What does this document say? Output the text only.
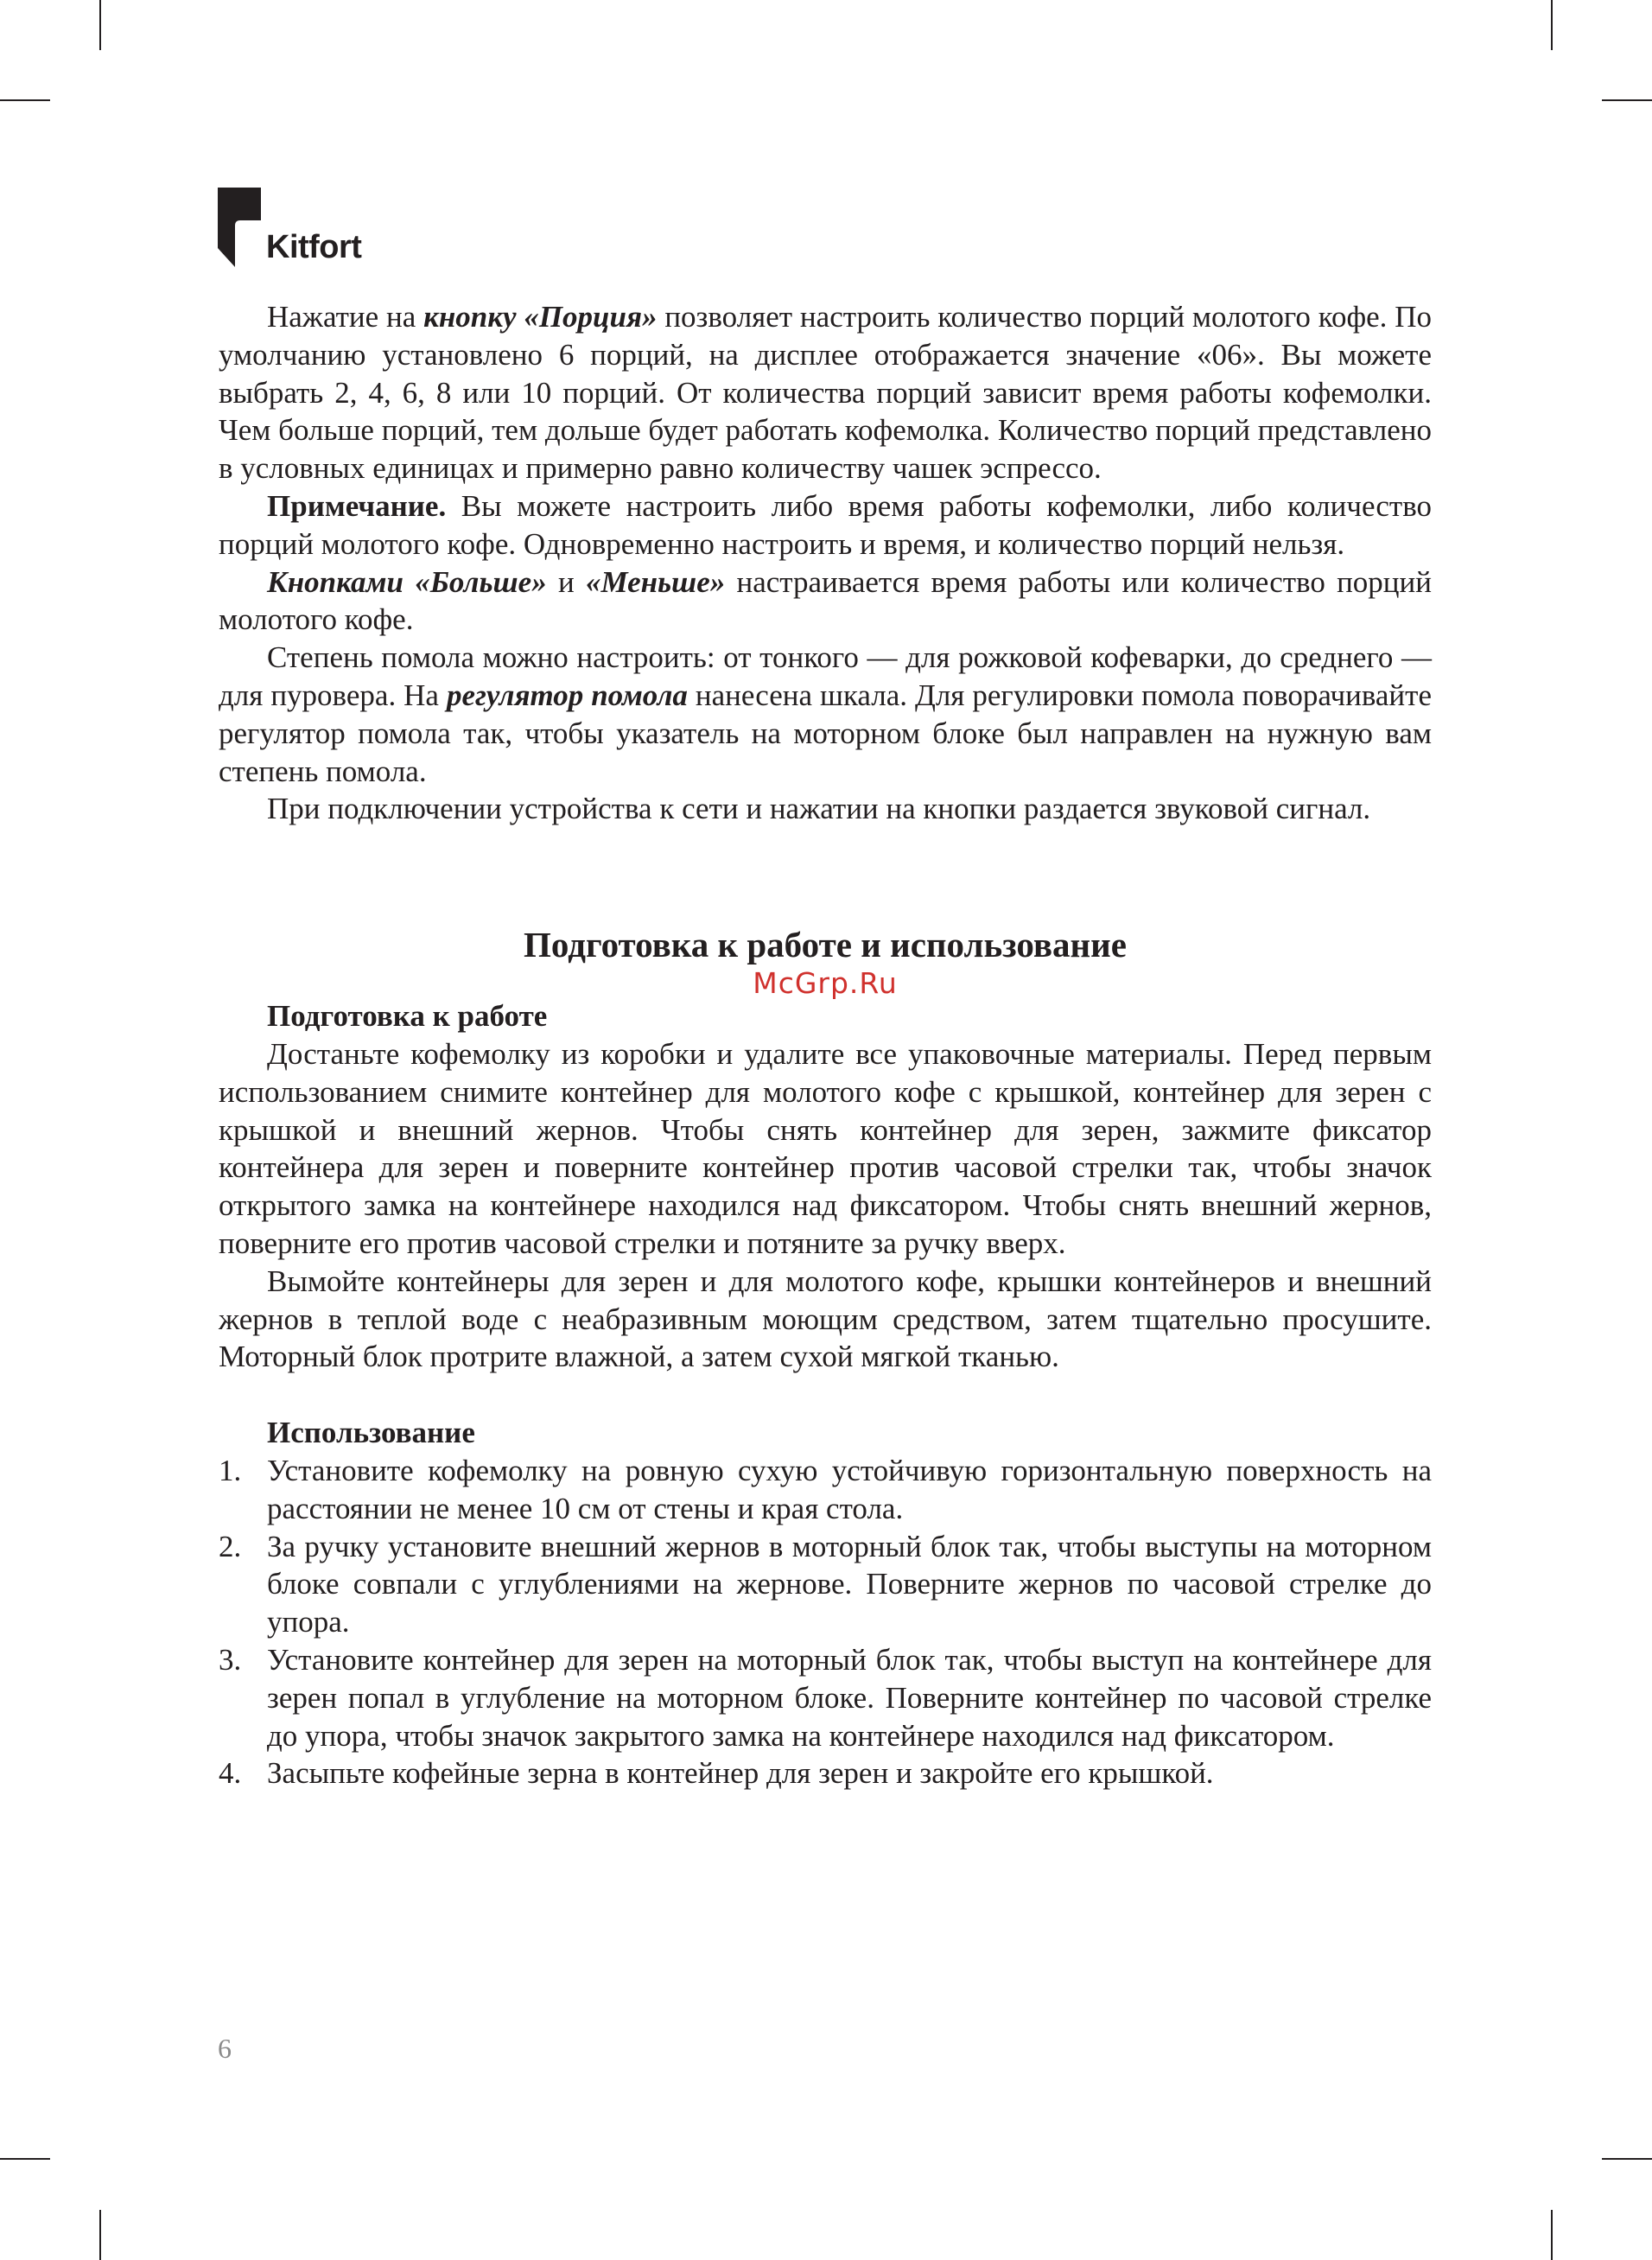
Kitfort

Нажатие на кнопку «Порция» позволяет настроить количество порций молотого кофе. По умолчанию установлено 6 порций, на дисплее отображается значение «06». Вы можете выбрать 2, 4, 6, 8 или 10 порций. От количества порций зависит время работы кофемолки. Чем больше порций, тем дольше будет работать кофемолка. Количество порций представлено в условных единицах и примерно равно количеству чашек эспрессо.

Примечание. Вы можете настроить либо время работы кофемолки, либо количество порций молотого кофе. Одновременно настроить и время, и количество порций нельзя.

Кнопками «Больше» и «Меньше» настраивается время работы или количество порций молотого кофе.

Степень помола можно настроить: от тонкого — для рожковой кофеварки, до среднего — для пуровера. На регулятор помола нанесена шкала. Для регулировки помола поворачивайте регулятор помола так, чтобы указатель на моторном блоке был направлен на нужную вам степень помола.

При подключении устройства к сети и нажатии на кнопки раздается звуковой сигнал.

Подготовка к работе и использование
McGrp.Ru

Подготовка к работе

Достаньте кофемолку из коробки и удалите все упаковочные материалы. Перед первым использованием снимите контейнер для молотого кофе с крышкой, контейнер для зерен с крышкой и внешний жернов. Чтобы снять контейнер для зерен, зажмите фиксатор контейнера для зерен и поверните контейнер против часовой стрелки так, чтобы значок открытого замка на контейнере находился над фиксатором. Чтобы снять внешний жернов, поверните его против часовой стрелки и потяните за ручку вверх.

Вымойте контейнеры для зерен и для молотого кофе, крышки контейнеров и внешний жернов в теплой воде с неабразивным моющим средством, затем тщательно просушите. Моторный блок протрите влажной, а затем сухой мягкой тканью.

Использование

1. Установите кофемолку на ровную сухую устойчивую горизонтальную поверхность на расстоянии не менее 10 см от стены и края стола.
2. За ручку установите внешний жернов в моторный блок так, чтобы выступы на моторном блоке совпали с углублениями на жернове. Поверните жернов по часовой стрелке до упора.
3. Установите контейнер для зерен на моторный блок так, чтобы выступ на контейнере для зерен попал в углубление на моторном блоке. Поверните контейнер по часовой стрелке до упора, чтобы значок закрытого замка на контейнере находился над фиксатором.
4. Засыпьте кофейные зерна в контейнер для зерен и закройте его крышкой.
6
